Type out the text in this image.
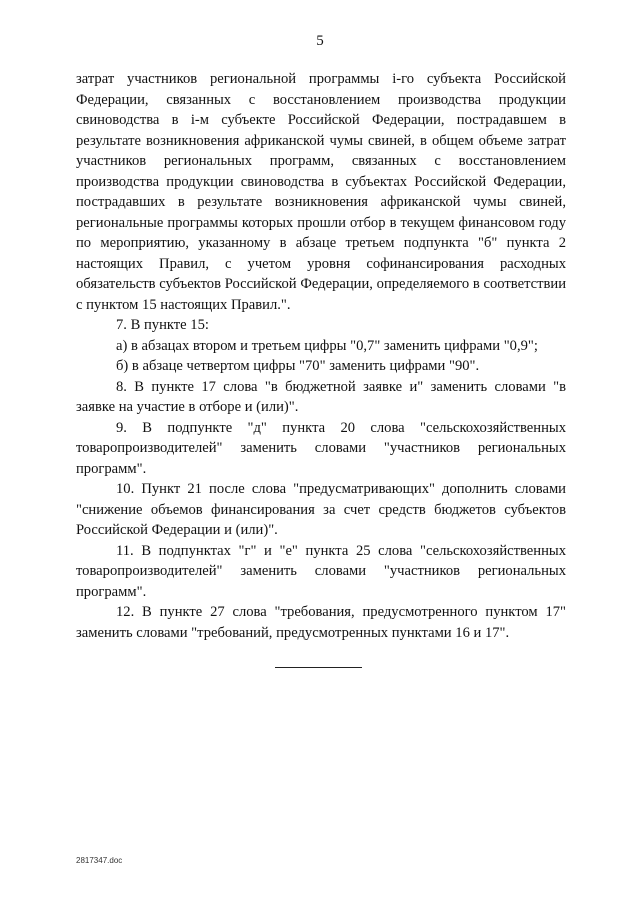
5

затрат участников региональной программы i-го субъекта Российской Федерации, связанных с восстановлением производства продукции свиноводства в i-м субъекте Российской Федерации, пострадавшем в результате возникновения африканской чумы свиней, в общем объеме затрат участников региональных программ, связанных с восстановлением производства продукции свиноводства в субъектах Российской Федерации, пострадавших в результате возникновения африканской чумы свиней, региональные программы которых прошли отбор в текущем финансовом году по мероприятию, указанному в абзаце третьем подпункта "б" пункта 2 настоящих Правил, с учетом уровня софинансирования расходных обязательств субъектов Российской Федерации, определяемого в соответствии с пунктом 15 настоящих Правил.".

7. В пункте 15:

а) в абзацах втором и третьем цифры "0,7" заменить цифрами "0,9";

б) в абзаце четвертом цифры "70" заменить цифрами "90".

8. В пункте 17 слова "в бюджетной заявке и" заменить словами "в заявке на участие в отборе и (или)".

9. В подпункте "д" пункта 20 слова "сельскохозяйственных товаропроизводителей" заменить словами "участников региональных программ".

10. Пункт 21 после слова "предусматривающих" дополнить словами "снижение объемов финансирования за счет средств бюджетов субъектов Российской Федерации и (или)".

11. В подпунктах "г" и "е" пункта 25 слова "сельскохозяйственных товаропроизводителей" заменить словами "участников региональных программ".

12. В пункте 27 слова "требования, предусмотренного пунктом 17" заменить словами "требований, предусмотренных пунктами 16 и 17".

2817347.doc
